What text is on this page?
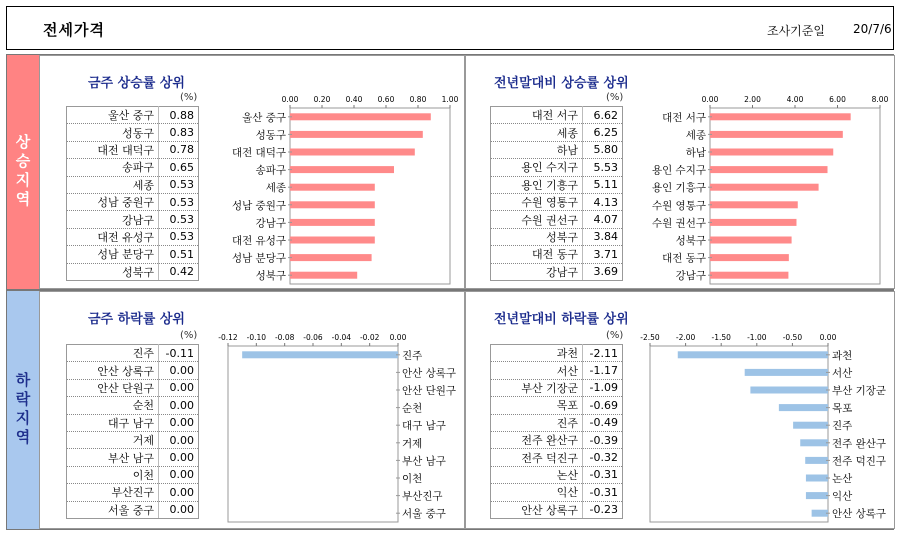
전세가격	조사기준일 20/7/6
상승지역
금주 상승률 상위
(%)
울산 중구	0.88
성동구	0.83
대전 대덕구	0.78
송파구	0.65
세종	0.53
성남 중원구	0.53
강남구	0.53
대전 유성구	0.53
성남 분당구	0.51
성북구	0.42
0.00 0.20 0.40 0.60 0.80 1.00
울산 중구
성동구
대전 대덕구
송파구
세종
성남 중원구
강남구
대전 유성구
성남 분당구
성북구
전년말대비 상승률 상위
(%)
대전 서구	6.62
세종	6.25
하남	5.80
용인 수지구	5.53
용인 기흥구	5.11
수원 영통구	4.13
수원 권선구	4.07
성북구	3.84
대전 동구	3.71
강남구	3.69
0.00	2.00	4.00	6.00	8.00
대전 서구
세종
하남
용인 수지구
용인 기흥구
수원 영통구
수원 권선구
성북구
대전 동구
강남구
하락지역
금주 하락률 상위
(%)
진주	-0.11
안산 상록구	0.00
안산 단원구	0.00
순천	0.00
대구 남구	0.00
거제	0.00
부산 남구	0.00
이천	0.00
부산진구	0.00
서울 중구	0.00
-0.12 -0.10 -0.08 -0.06 -0.04 -0.02 0.00
진주
안산 상록구
안산 단원구
순천
대구 남구
거제
부산 남구
이천
부산진구
서울 중구
전년말대비 하락률 상위
(%)
과천	-2.11
서산	-1.17
부산 기장군	-1.09
목포	-0.69
진주	-0.49
전주 완산구	-0.39
전주 덕진구	-0.32
논산	-0.31
익산	-0.31
안산 상록구	-0.23
-2.50 -2.00 -1.50 -1.00 -0.50 0.00
과천
서산
부산 기장군
목포
진주
전주 완산구
전주 덕진구
논산
익산
안산 상록구
